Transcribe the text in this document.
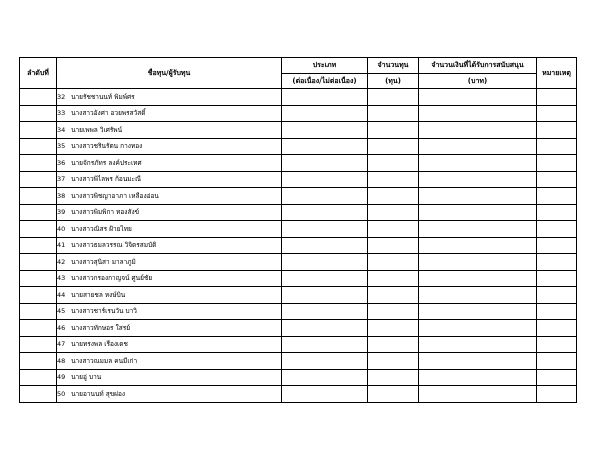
ลำดับที่	ชื่อทุน/ผู้รับทุน	ประเภท	จำนวนทุน	จำนวนเงินที่ได้รับการสนับสนุน	หมายเหตุ
		(ต่อเนื่อง/ไม่ต่อเนื่อง)	(ทุน)	(บาท)	
	32 นายรัชชานนท์ พิมพ์ศร				
	33 นางสาวอังศา อวยพรสวัสดิ์				
	34 นายเพพล วิเศรัพน์				
	35 นางสาวชรินรัตน กางทอง				
	36 นายจักรภัทร ลงค์ประเทศ				
	37 นางสาวพิไลพร ก้อนมะณี				
	38 นางสาวพิชญาอาภา เหลืองอ่อน				
	39 นางสาวพิมพิกา ทองสังข์				
	40 นางสาวณิสร ฝ้ายไทย				
	41 นางสาวธมลวรรณ วิจิตรสมบัติ				
	42 นางสาวสุนิสา มาลาภูมิ				
	43 นางสาวกรองกาญจน์ ศูนย์ชัย				
	44 นายสายชล หงษ์บิน				
	45 นางสาวชาร์เรนวัน บาวิ				
	46 นางสาวทักษอร ใสรย์				
	47 นายทรงพล เรืองเดช				
	48 นางสาวณมมล คนมีเก่า				
	49 นายอู่ บาน				
	50 นายอานนท์ สุขผ่อง				
